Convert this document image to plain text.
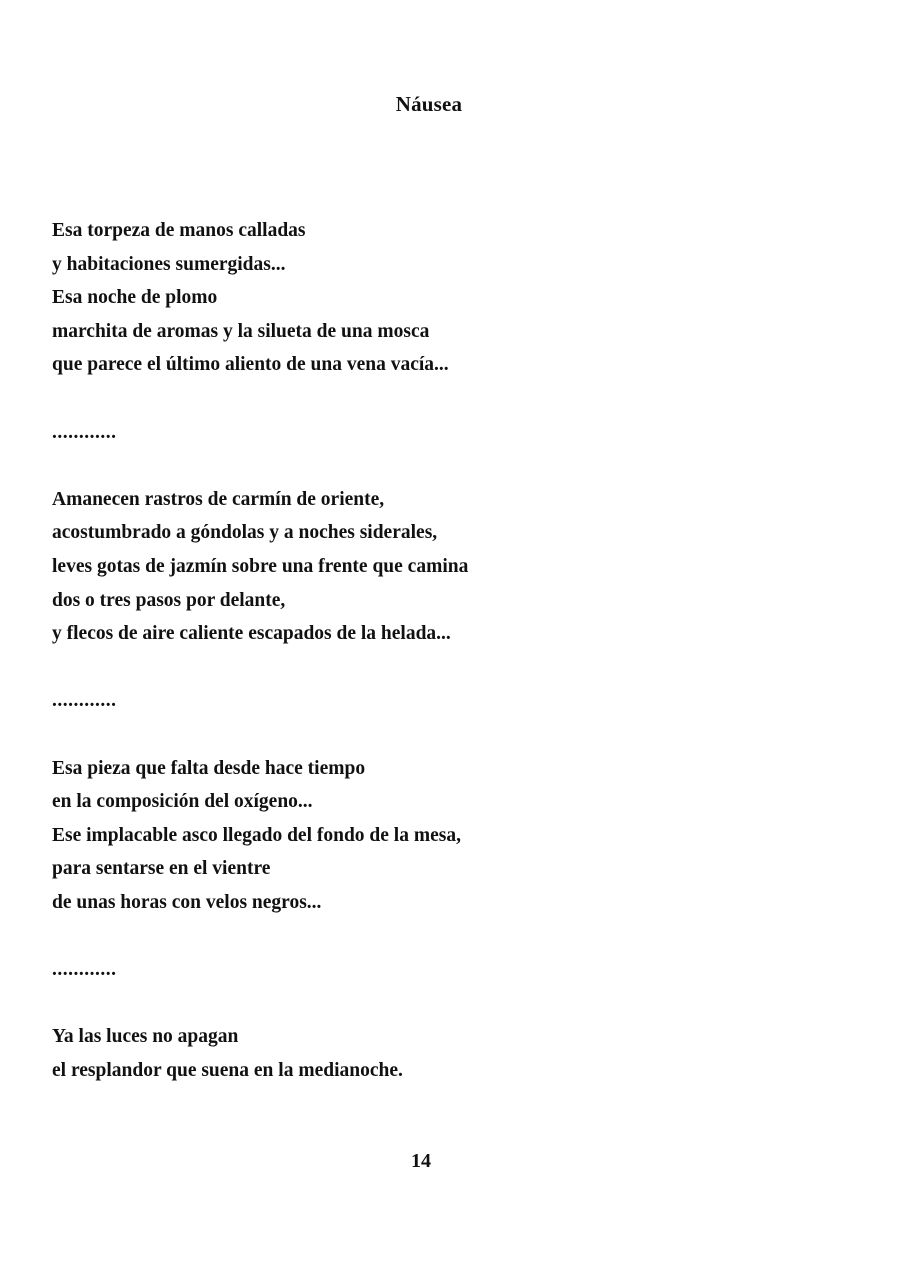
Náusea
Esa torpeza de manos calladas
y habitaciones sumergidas...
Esa noche de plomo
marchita de aromas y la silueta de una mosca
que parece el último aliento de una vena vacía...
............
Amanecen rastros de carmín de oriente,
acostumbrado a góndolas y a noches siderales,
leves gotas de jazmín sobre una frente que camina
dos o tres pasos por delante,
y flecos de aire caliente escapados de la helada...
............
Esa pieza que falta desde hace tiempo
en la composición del oxígeno...
Ese implacable asco llegado del fondo de la mesa,
para sentarse en el vientre
de unas horas con velos negros...
............
Ya las luces no apagan
el resplandor que suena en la medianoche.
14
